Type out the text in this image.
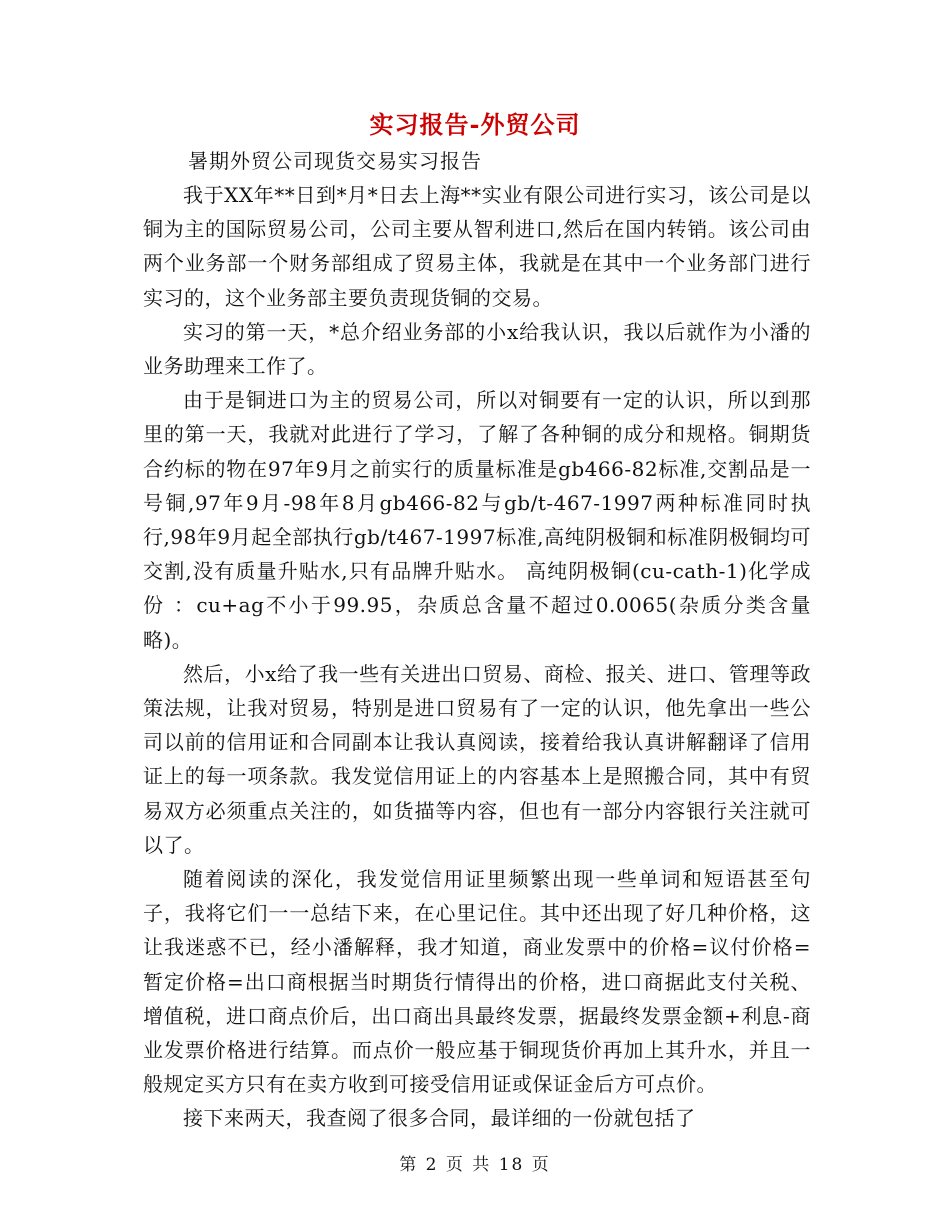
实习报告-外贸公司
暑期外贸公司现货交易实习报告

我于XX年**日到*月*日去上海**实业有限公司进行实习，该公司是以铜为主的国际贸易公司，公司主要从智利进口,然后在国内转销。该公司由两个业务部一个财务部组成了贸易主体，我就是在其中一个业务部门进行实习的，这个业务部主要负责现货铜的交易。

实习的第一天，*总介绍业务部的小x给我认识，我以后就作为小潘的业务助理来工作了。

由于是铜进口为主的贸易公司，所以对铜要有一定的认识，所以到那里的第一天，我就对此进行了学习，了解了各种铜的成分和规格。铜期货合约标的物在97年9月之前实行的质量标准是gb466-82标准,交割品是一号铜,97年9月-98年8月gb466-82与gb/t-467-1997两种标准同时执行,98年9月起全部执行gb/t467-1997标准,高纯阴极铜和标准阴极铜均可交割,没有质量升贴水,只有品牌升贴水。 高纯阴极铜(cu-cath-1)化学成份 ：cu+ag不小于99.95，杂质总含量不超过0.0065(杂质分类含量略)。

然后，小x给了我一些有关进出口贸易、商检、报关、进口、管理等政策法规，让我对贸易，特别是进口贸易有了一定的认识，他先拿出一些公司以前的信用证和合同副本让我认真阅读，接着给我认真讲解翻译了信用证上的每一项条款。我发觉信用证上的内容基本上是照搬合同，其中有贸易双方必须重点关注的，如货描等内容，但也有一部分内容银行关注就可以了。

随着阅读的深化，我发觉信用证里频繁出现一些单词和短语甚至句子，我将它们一一总结下来，在心里记住。其中还出现了好几种价格，这让我迷惑不已，经小潘解释，我才知道，商业发票中的价格=议付价格=暂定价格=出口商根据当时期货行情得出的价格，进口商据此支付关税、增值税，进口商点价后，出口商出具最终发票，据最终发票金额+利息-商业发票价格进行结算。而点价一般应基于铜现货价再加上其升水，并且一般规定买方只有在卖方收到可接受信用证或保证金后方可点价。

接下来两天，我查阅了很多合同，最详细的一份就包括了

第 2 页 共 18 页
